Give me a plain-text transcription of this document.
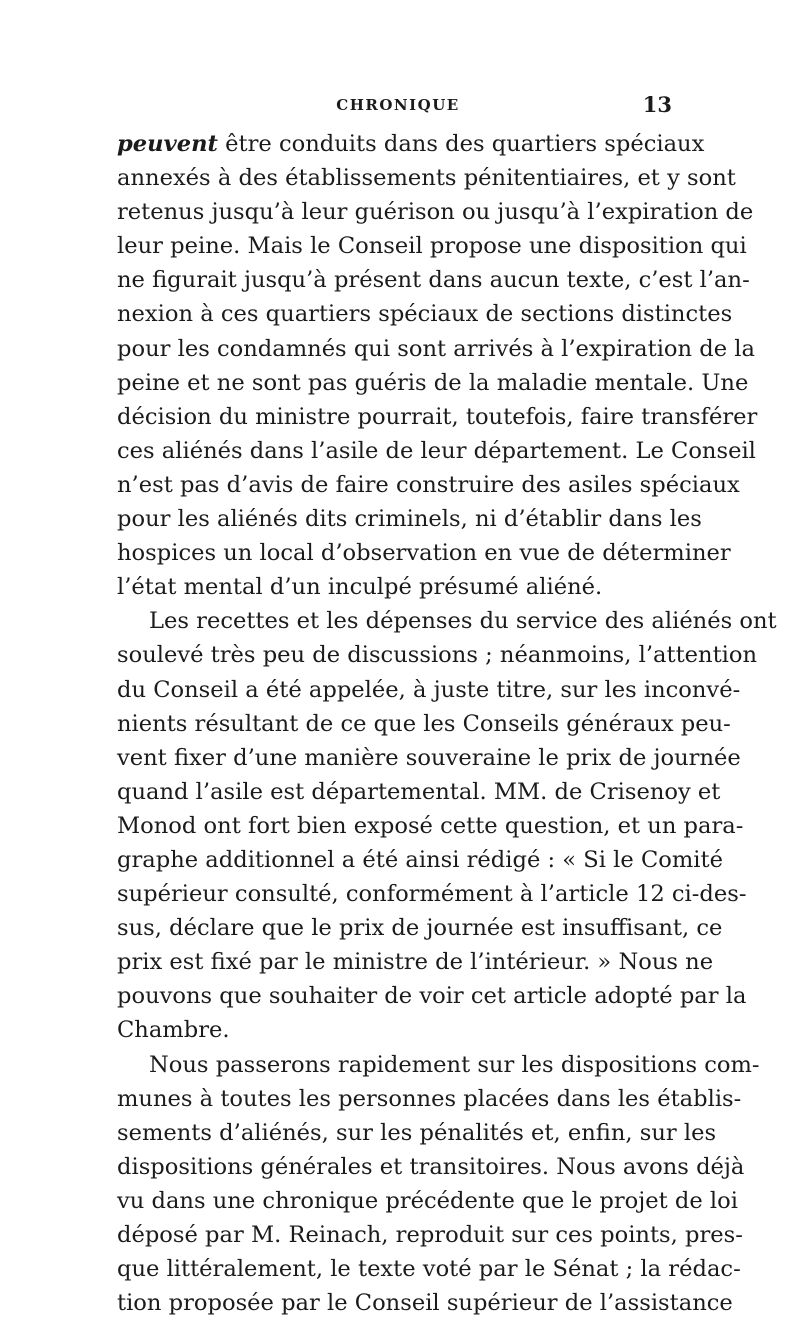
CHRONIQUE	13
peuvent être conduits dans des quartiers spéciaux
annexés à des établissements pénitentiaires, et y sont
retenus jusqu’à leur guérison ou jusqu’à l’expiration de
leur peine. Mais le Conseil propose une disposition qui
ne figurait jusqu’à présent dans aucun texte, c’est l’an-
nexion à ces quartiers spéciaux de sections distinctes
pour les condamnés qui sont arrivés à l’expiration de la
peine et ne sont pas guéris de la maladie mentale. Une
décision du ministre pourrait, toutefois, faire transférer
ces aliénés dans l’asile de leur département. Le Conseil
n’est pas d’avis de faire construire des asiles spéciaux
pour les aliénés dits criminels, ni d’établir dans les
hospices un local d’observation en vue de déterminer
l’état mental d’un inculpé présumé aliéné.
Les recettes et les dépenses du service des aliénés ont
soulevé très peu de discussions ; néanmoins, l’attention
du Conseil a été appelée, à juste titre, sur les inconvé-
nients résultant de ce que les Conseils généraux peu-
vent fixer d’une manière souveraine le prix de journée
quand l’asile est départemental. MM. de Crisenoy et
Monod ont fort bien exposé cette question, et un para-
graphe additionnel a été ainsi rédigé : « Si le Comité
supérieur consulté, conformément à l’article 12 ci-des-
sus, déclare que le prix de journée est insuffisant, ce
prix est fixé par le ministre de l’intérieur. » Nous ne
pouvons que souhaiter de voir cet article adopté par la
Chambre.
Nous passerons rapidement sur les dispositions com-
munes à toutes les personnes placées dans les établis-
sements d’aliénés, sur les pénalités et, enfin, sur les
dispositions générales et transitoires. Nous avons déjà
vu dans une chronique précédente que le projet de loi
déposé par M. Reinach, reproduit sur ces points, pres-
que littéralement, le texte voté par le Sénat ; la rédac-
tion proposée par le Conseil supérieur de l’assistance
